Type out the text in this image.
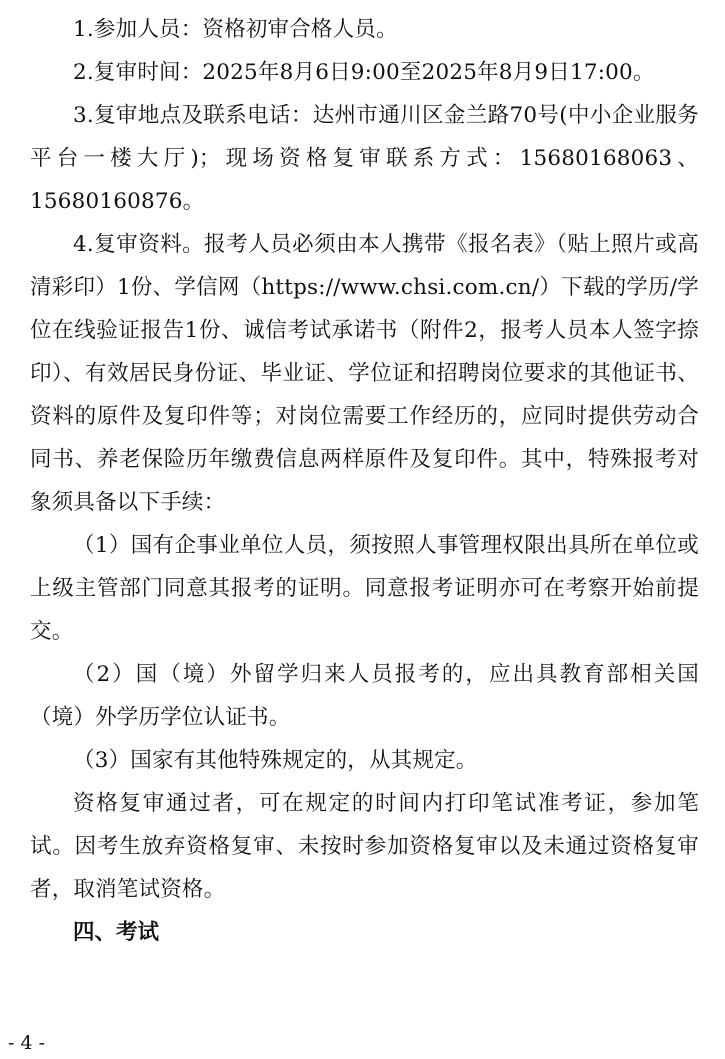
1.参加人员：资格初审合格人员。

2.复审时间：2025年8月6日9:00至2025年8月9日17:00。

3.复审地点及联系电话：达州市通川区金兰路70号(中小企业服务平台一楼大厅)；现场资格复审联系方式：15680168063、15680160876。

4.复审资料。报考人员必须由本人携带《报名表》（贴上照片或高清彩印）1份、学信网（https://www.chsi.com.cn/）下载的学历/学位在线验证报告1份、诚信考试承诺书（附件2，报考人员本人签字捺印）、有效居民身份证、毕业证、学位证和招聘岗位要求的其他证书、资料的原件及复印件等；对岗位需要工作经历的，应同时提供劳动合同书、养老保险历年缴费信息两样原件及复印件。其中，特殊报考对象须具备以下手续：

（1）国有企事业单位人员，须按照人事管理权限出具所在单位或上级主管部门同意其报考的证明。同意报考证明亦可在考察开始前提交。

（2）国（境）外留学归来人员报考的，应出具教育部相关国（境）外学历学位认证书。

（3）国家有其他特殊规定的，从其规定。

资格复审通过者，可在规定的时间内打印笔试准考证，参加笔试。因考生放弃资格复审、未按时参加资格复审以及未通过资格复审者，取消笔试资格。

四、考试

- 4 -
